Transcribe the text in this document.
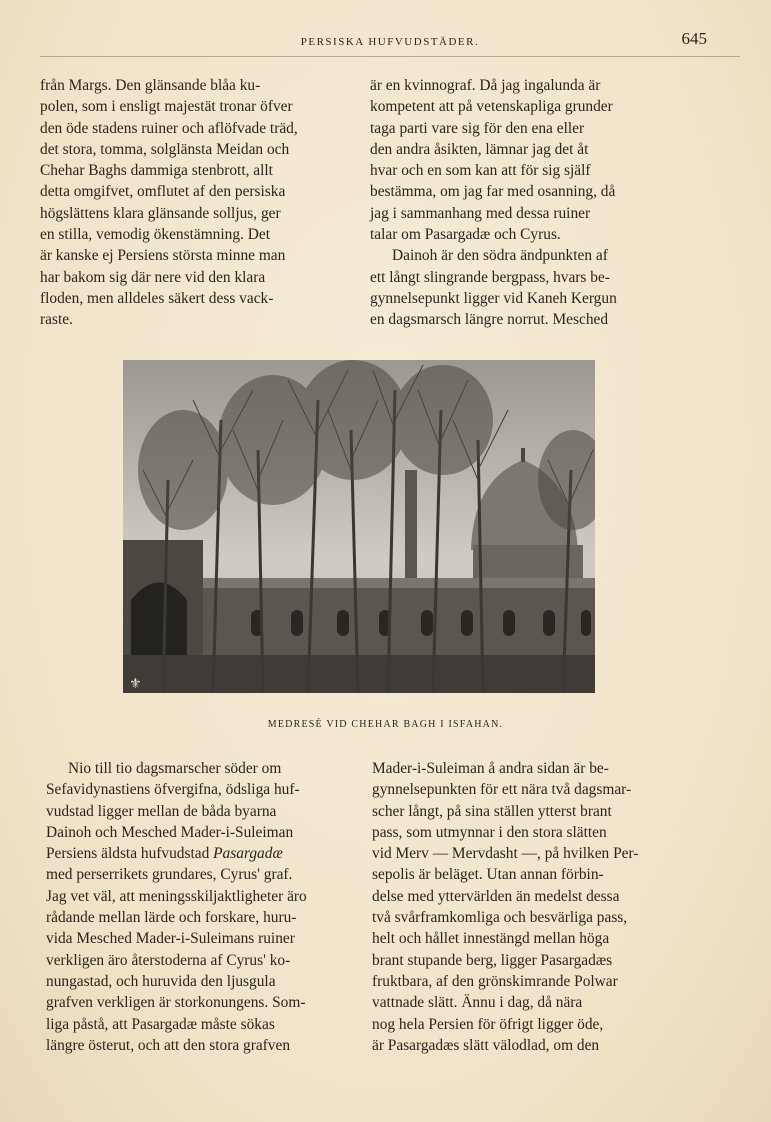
PERSISKA HUFVUDSTÄDER.	645
från Margs. Den glänsande blåa ku-
polen, som i ensligt majestät tronar öfver
den öde stadens ruiner och aflöfvade träd,
det stora, tomma, solglänsta Meidan och
Chehar Baghs dammiga stenbrott, allt
detta omgifvet, omflutet af den persiska
högslättens klara glänsande solljus, ger
en stilla, vemodig ökenstämning. Det
är kanske ej Persiens största minne man
har bakom sig där nere vid den klara
floden, men alldeles säkert dess vack-
raste.
är en kvinnograf. Då jag ingalunda är
kompetent att på vetenskapliga grunder
taga parti vare sig för den ena eller
den andra åsikten, lämnar jag det åt
hvar och en som kan att för sig själf
bestämma, om jag far med osanning, då
jag i sammanhang med dessa ruiner
talar om Pasargadæ och Cyrus.
Dainoh är den södra ändpunkten af
ett långt slingrande bergpass, hvars be-
gynnelsepunkt ligger vid Kaneh Kergun
en dagsmarsch längre norrut. Mesched
⚜
MEDRESÉ VID CHEHAR BAGH I ISFAHAN.
Nio till tio dagsmarscher söder om
Sefavidynastiens öfvergifna, ödsliga huf-
vudstad ligger mellan de båda byarna
Dainoh och Mesched Mader-i-Suleiman
Persiens äldsta hufvudstad Pasargadæ
med perserrikets grundares, Cyrus' graf.
Jag vet väl, att meningsskiljaktligheter äro
rådande mellan lärde och forskare, huru-
vida Mesched Mader-i-Suleimans ruiner
verkligen äro återstoderna af Cyrus' ko-
nungastad, och huruvida den ljusgula
grafven verkligen är storkonungens. Som-
liga påstå, att Pasargadæ måste sökas
längre österut, och att den stora grafven
Mader-i-Suleiman å andra sidan är be-
gynnelsepunkten för ett nära två dagsmar-
scher långt, på sina ställen ytterst brant
pass, som utmynnar i den stora slätten
vid Merv — Mervdasht —, på hvilken Per-
sepolis är beläget. Utan annan förbin-
delse med yttervärlden än medelst dessa
två svårframkomliga och besvärliga pass,
helt och hållet innestängd mellan höga
brant stupande berg, ligger Pasargadæs
fruktbara, af den grönskimrande Polwar
vattnade slätt. Ännu i dag, då nära
nog hela Persien för öfrigt ligger öde,
är Pasargadæs slätt välodlad, om den
